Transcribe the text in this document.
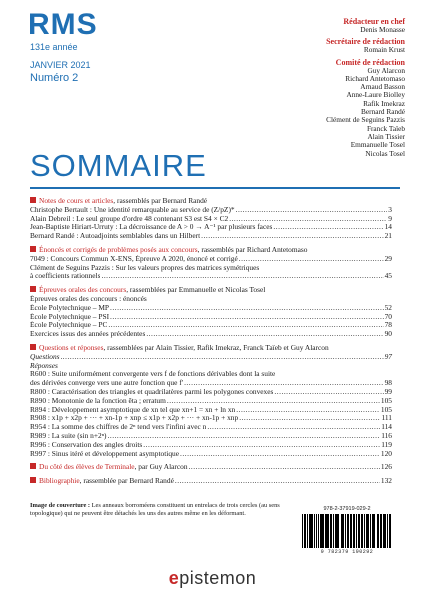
RMS
131e année
JANVIER 2021
Numéro 2
Rédacteur en chef
Denis Monasse
Secrétaire de rédaction
Romain Krust
Comité de rédaction
Guy Alarcon
Richard Antetomaso
Arnaud Basson
Anne-Laure Biolley
Rafik Imekraz
Bernard Randé
Clément de Seguins Pazzis
Franck Taïeb
Alain Tissier
Emmanuelle Tosel
Nicolas Tosel
SOMMAIRE
Notes de cours et articles, rassemblés par Bernard Randé
Christophe Bertault : Une identité remarquable au service de (Z/pZ)* .....	3
Alain Debreil : Le seul groupe d'ordre 48 contenant S3 est S4 × C2 .....	9
Jean-Baptiste Hiriart-Urruty : La décroissance de A > 0 → A⁻¹ par plusieurs faces .....	14
Bernard Randé : Autoadjoints semblables dans un Hilbert .....	21
Énoncés et corrigés de problèmes posés aux concours, rassemblés par Richard Antetomaso
7049 : Concours Commun X-ENS, Épreuve A 2020, énoncé et corrigé .....	29
Clément de Seguins Pazzis : Sur les valeurs propres des matrices symétriques
à coefficients rationnels .....	45
Épreuves orales des concours, rassemblées par Emmanuelle et Nicolas Tosel
Épreuves orales des concours : énoncés
École Polytechnique – MP .....	52
École Polytechnique – PSI .....	70
École Polytechnique – PC .....	78
Exercices issus des années précédentes .....	90
Questions et réponses, rassemblées par Alain Tissier, Rafik Imekraz, Franck Taïeb et Guy Alarcon
Questions .....	97
Réponses
R600 : Suite uniformément convergente vers f de fonctions dérivables dont la suite
des dérivées converge vers une autre fonction que f' .....	98
R800 : Caractérisation des triangles et quadrilatères parmi les polygones convexes .....	99
R890 : Monotonie de la fonction êta ; erratum .....	105
R894 : Développement asymptotique de xn tel que xn+1 = xn + ln xn .....	105
R908 : x1p + x2p + ··· + xn-1p + xnp ≤ x1p + x2p + ··· + xn-1p + xnp .....	111
R954 : La somme des chiffres de 2ⁿ tend vers l'infini avec n .....	114
R989 : La suite (sin n+2ⁿ) .....	116
R996 : Conservation des angles droits .....	119
R997 : Sinus itéré et développement asymptotique .....	120
Du côté des élèves de Terminale, par Guy Alarcon .....	126
Bibliographie, rassemblée par Bernard Randé .....	132
Image de couverture : Les anneaux borroméens constituent un entrelacs de trois cercles (au sens topologique) qui ne peuvent être détachés les uns des autres même en les déformant.
978-2-37919-029-2
9 782379 190292
epistemon
